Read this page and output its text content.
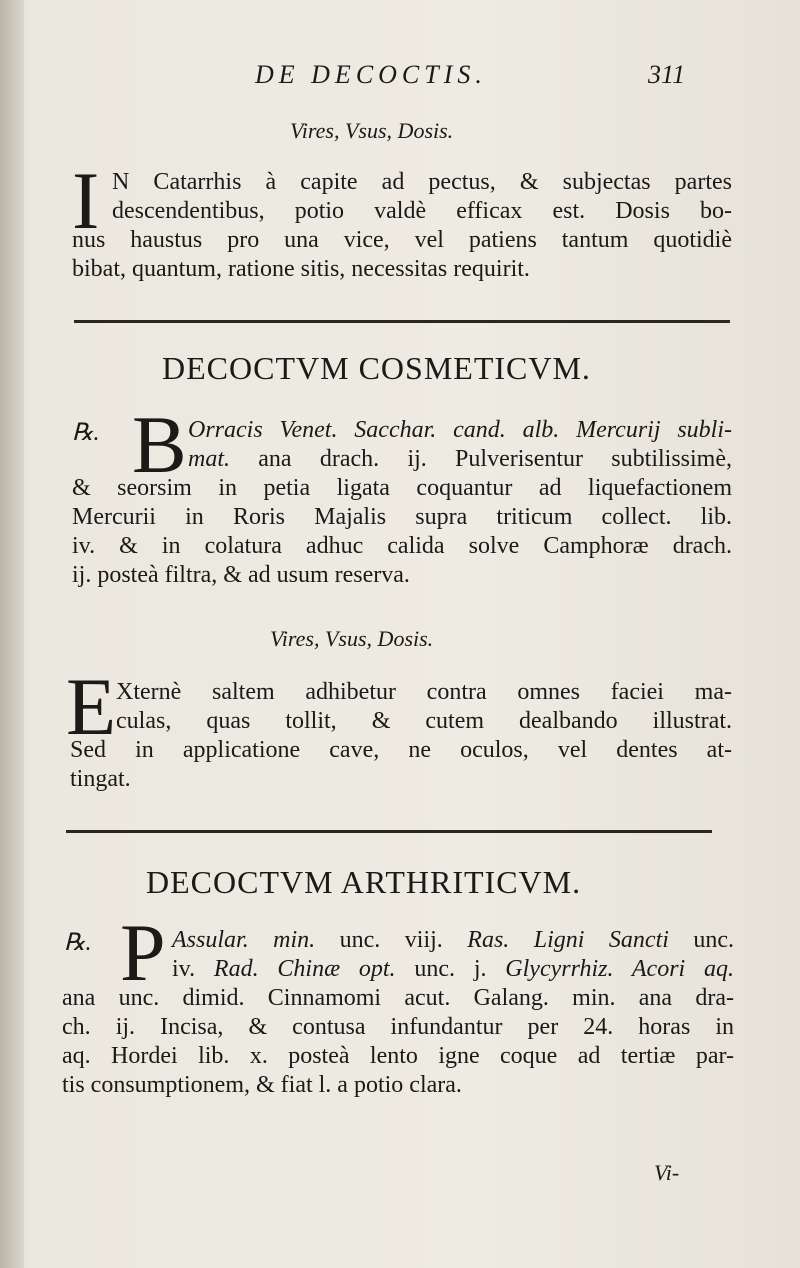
DE DECOCTIS.	311
Vires, Vsus, Dosis.
I N Catarrhis à capite ad pectus, & subjectas partes
descendentibus, potio valdè efficax est. Dosis bo-
nus haustus pro una vice, vel patiens tantum quotidiè
bibat, quantum, ratione sitis, necessitas requirit.
DECOCTVM COSMETICVM.
℞. B Orracis Venet. Sacchar. cand. alb. Mercurij subli-
mat. ana drach. ij. Pulverisentur subtilissimè,
& seorsim in petia ligata coquantur ad liquefactionem
Mercurii in Roris Majalis supra triticum collect. lib.
iv. & in colatura adhuc calida solve Camphoræ drach.
ij. posteà filtra, & ad usum reserva.
Vires, Vsus, Dosis.
E Xternè saltem adhibetur contra omnes faciei ma-
culas, quas tollit, & cutem dealbando illustrat.
Sed in applicatione cave, ne oculos, vel dentes at-
tingat.
DECOCTVM ARTHRITICVM.
℞. P Assular. min. unc. viij. Ras. Ligni Sancti unc.
iv. Rad. Chinæ opt. unc. j. Glycyrrhiz. Acori aq.
ana unc. dimid. Cinnamomi acut. Galang. min. ana dra-
ch. ij. Incisa, & contusa infundantur per 24. horas in
aq. Hordei lib. x. posteà lento igne coque ad tertiæ par-
tis consumptionem, & fiat l. a potio clara.
Vi-
